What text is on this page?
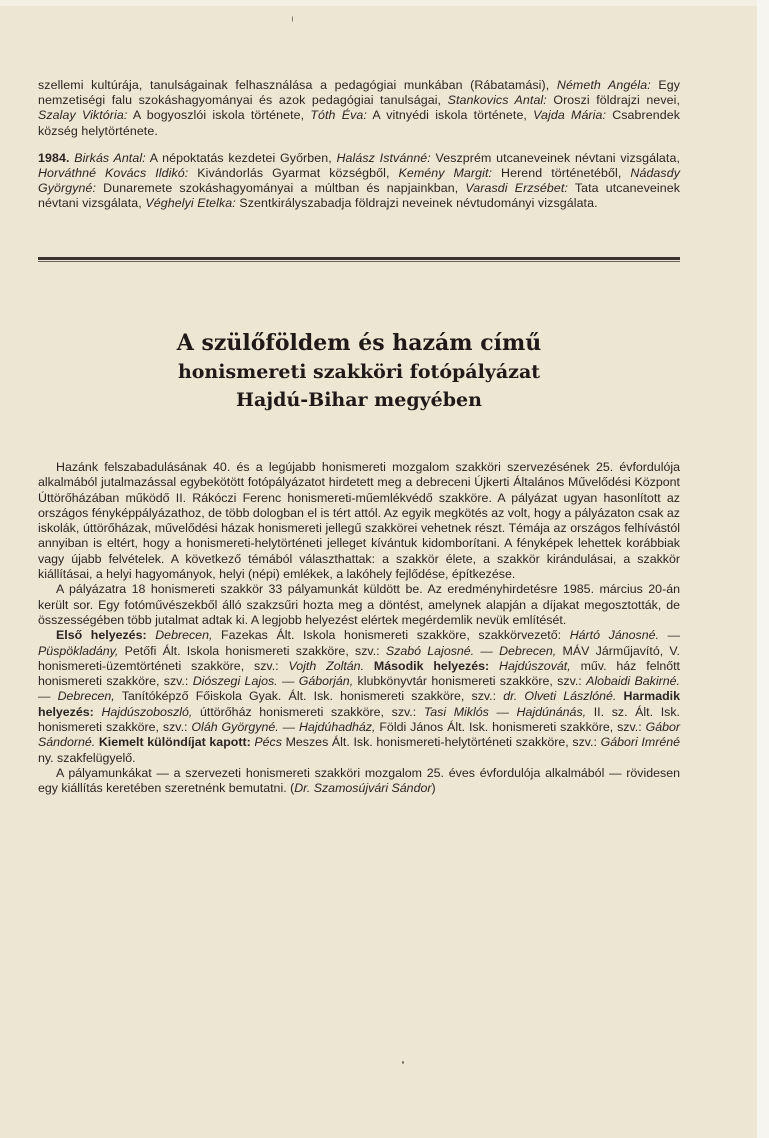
szellemi kultúrája, tanulságainak felhasználása a pedagógiai munkában (Rábatamási), Németh Angéla: Egy nemzetiségi falu szokáshagyományai és azok pedagógiai tanulságai, Stankovics Antal: Oroszi földrajzi nevei, Szalay Viktória: A bogyoszlói iskola története, Tóth Éva: A vitnyédi iskola története, Vajda Mária: Csabrendek község helytörténete.

1984. Birkás Antal: A népoktatás kezdetei Győrben, Halász Istvánné: Veszprém utcaneveinek névtani vizsgálata, Horváthné Kovács Ildikó: Kivándorlás Gyarmat községből, Kemény Margit: Herend történetéből, Nádasdy Györgyné: Dunaremete szokáshagyományai a múltban és napjainkban, Varasdi Erzsébet: Tata utcaneveinek névtani vizsgálata, Véghelyi Etelka: Szentkirályszabadja földrajzi neveinek névtudományi vizsgálata.

A szülőföldem és hazám című
honismereti szakköri fotópályázat
Hajdú-Bihar megyében

Hazánk felszabadulásának 40. és a legújabb honismereti mozgalom szakköri szervezésének 25. évfordulója alkalmából jutalmazással egybekötött fotópályázatot hirdetett meg a debreceni Újkerti Általános Művelődési Központ Úttörőházában működő II. Rákóczi Ferenc honismereti-műemlékvédő szakköre. A pályázat ugyan hasonlított az országos fényképpályázathoz, de több dologban el is tért attól. Az egyik megkötés az volt, hogy a pályázaton csak az iskolák, úttörőházak, művelődési házak honismereti jellegű szakkörei vehetnek részt. Témája az országos felhívástól annyiban is eltért, hogy a honismereti-helytörténeti jelleget kívántuk kidomborítani. A fényképek lehettek korábbiak vagy újabb felvételek. A következő témából választhattak: a szakkör élete, a szakkör kirándulásai, a szakkör kiállításai, a helyi hagyományok, helyi (népi) emlékek, a lakóhely fejlődése, építkezése.

A pályázatra 18 honismereti szakkör 33 pályamunkát küldött be. Az eredményhirdetésre 1985. március 20-án került sor. Egy fotóművészekből álló szakzsűri hozta meg a döntést, amelynek alapján a díjakat megosztották, de összességében több jutalmat adtak ki. A legjobb helyezést elértek megérdemlik nevük említését.

Első helyezés: Debrecen, Fazekas Ált. Iskola honismereti szakköre, szakkörvezető: Hártó Jánosné. — Püspökladány, Petőfi Ált. Iskola honismereti szakköre, szv.: Szabó Lajosné. — Debrecen, MÁV Járműjavító, V. honismereti-üzemtörténeti szakköre, szv.: Vojth Zoltán. Második helyezés: Hajdúszovát, műv. ház felnőtt honismereti szakköre, szv.: Diószegi Lajos. — Gáborján, klubkönyvtár honismereti szakköre, szv.: Alobaidi Bakirné. — Debrecen, Tanítóképző Főiskola Gyak. Ált. Isk. honismereti szakköre, szv.: dr. Olveti Lászlóné. Harmadik helyezés: Hajdúszoboszló, úttörőház honismereti szakköre, szv.: Tasi Miklós — Hajdúnánás, II. sz. Ált. Isk. honismereti szakköre, szv.: Oláh Györgyné. — Hajdúhadház, Földi János Ált. Isk. honismereti szakköre, szv.: Gábor Sándorné. Kiemelt különdíjat kapott: Pécs Meszes Ált. Isk. honismereti-helytörténeti szakköre, szv.: Gábori Imréné ny. szakfelügyelő.

A pályamunkákat — a szervezeti honismereti szakköri mozgalom 25. éves évfordulója alkalmából — rövidesen egy kiállítás keretében szeretnénk bemutatni. (Dr. Szamosújvári Sándor)
